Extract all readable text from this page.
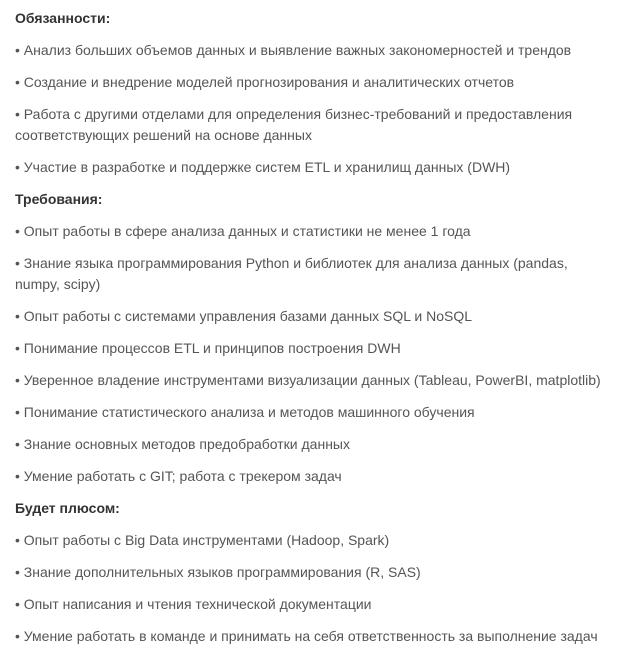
Обязанности:

• Анализ больших объемов данных и выявление важных закономерностей и трендов

• Создание и внедрение моделей прогнозирования и аналитических отчетов

• Работа с другими отделами для определения бизнес-требований и предоставления соответствующих решений на основе данных

• Участие в разработке и поддержке систем ETL и хранилищ данных (DWH)

Требования:

• Опыт работы в сфере анализа данных и статистики не менее 1 года

• Знание языка программирования Python и библиотек для анализа данных (pandas, numpy, scipy)

• Опыт работы с системами управления базами данных SQL и NoSQL

• Понимание процессов ETL и принципов построения DWH

• Уверенное владение инструментами визуализации данных (Tableau, PowerBI, matplotlib)

• Понимание статистического анализа и методов машинного обучения

• Знание основных методов предобработки данных

• Умение работать с GIT; работа с трекером задач

Будет плюсом:

• Опыт работы с Big Data инструментами (Hadoop, Spark)

• Знание дополнительных языков программирования (R, SAS)

• Опыт написания и чтения технической документации

• Умение работать в команде и принимать на себя ответственность за выполнение задач
